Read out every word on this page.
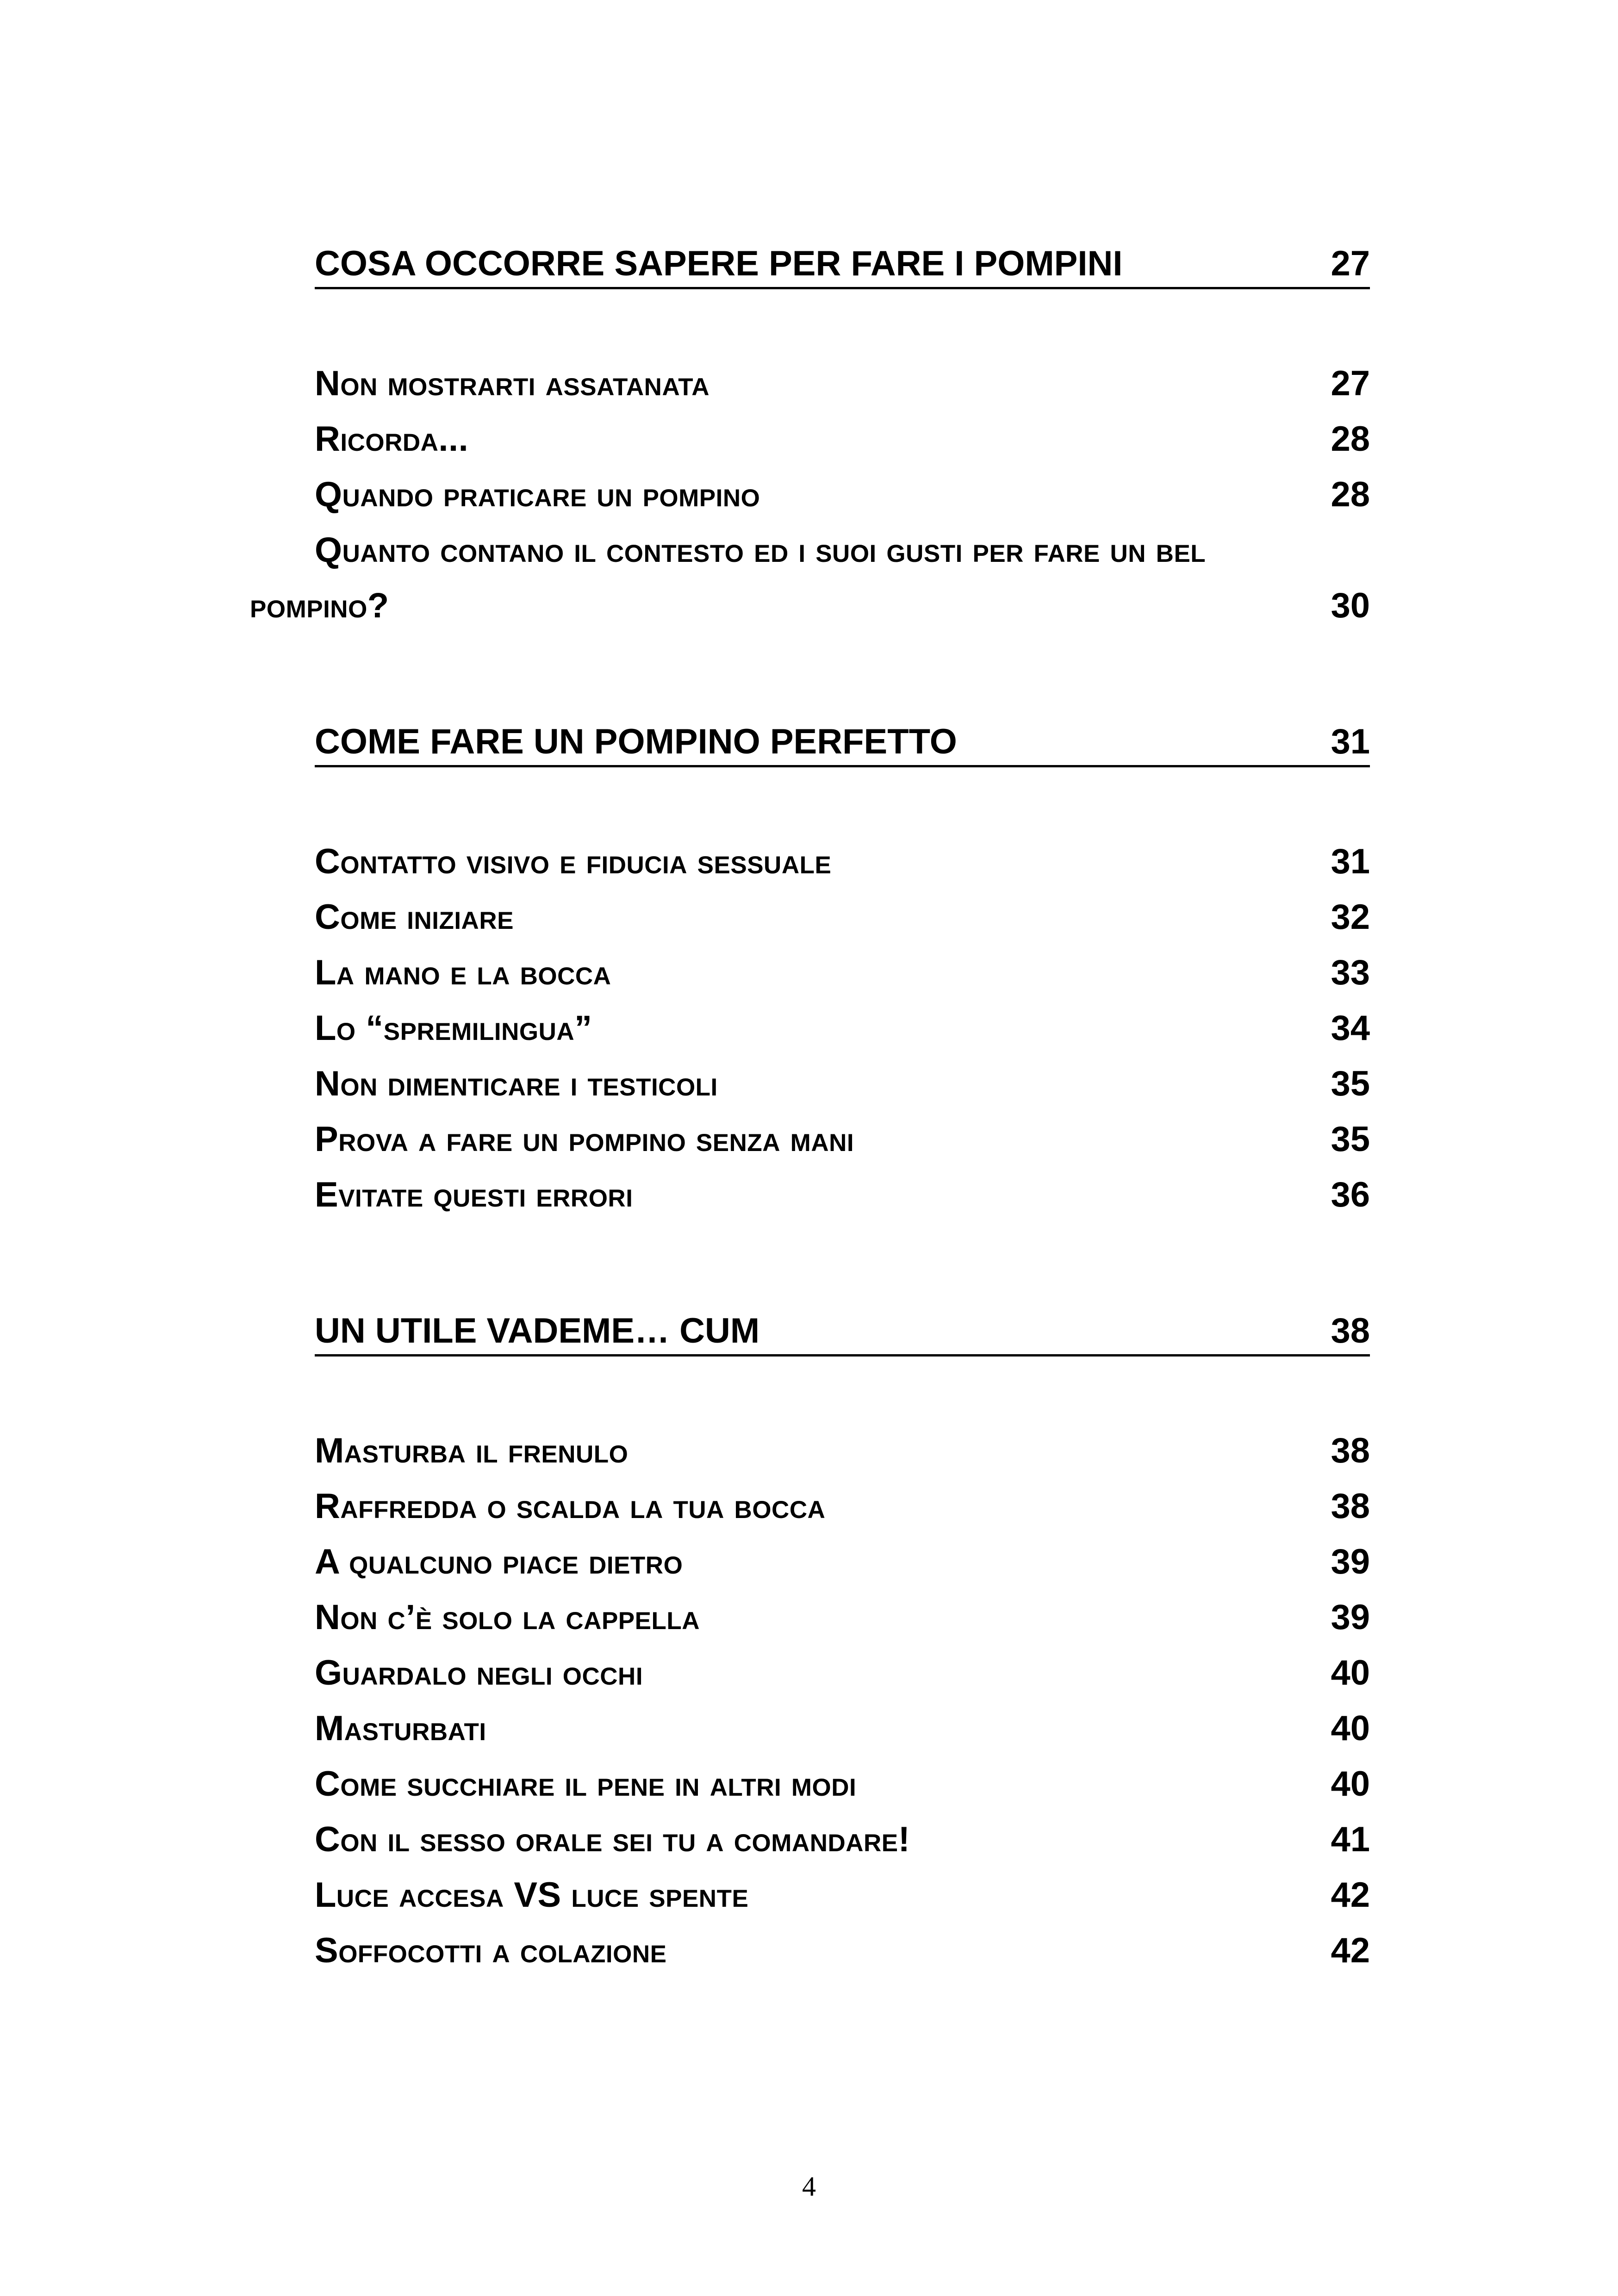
COSA OCCORRE SAPERE PER FARE I POMPINI	27
Non mostrarti assatanata	27
Ricorda...	28
Quando praticare un pompino	28
Quanto contano il contesto ed i suoi gusti per fare un bel
pompino?	30
COME FARE UN POMPINO PERFETTO	31
Contatto visivo e fiducia sessuale	31
Come iniziare	32
La mano e la bocca	33
Lo “spremilingua”	34
Non dimenticare i testicoli	35
Prova a fare un pompino senza mani	35
Evitate questi errori	36
UN UTILE VADEME… CUM	38
Masturba il frenulo	38
Raffredda o scalda la tua bocca	38
A qualcuno piace dietro	39
Non c’è solo la cappella	39
Guardalo negli occhi	40
Masturbati	40
Come succhiare il pene in altri modi	40
Con il sesso orale sei tu a comandare!	41
Luce accesa VS luce spente	42
Soffocotti a colazione	42
4
